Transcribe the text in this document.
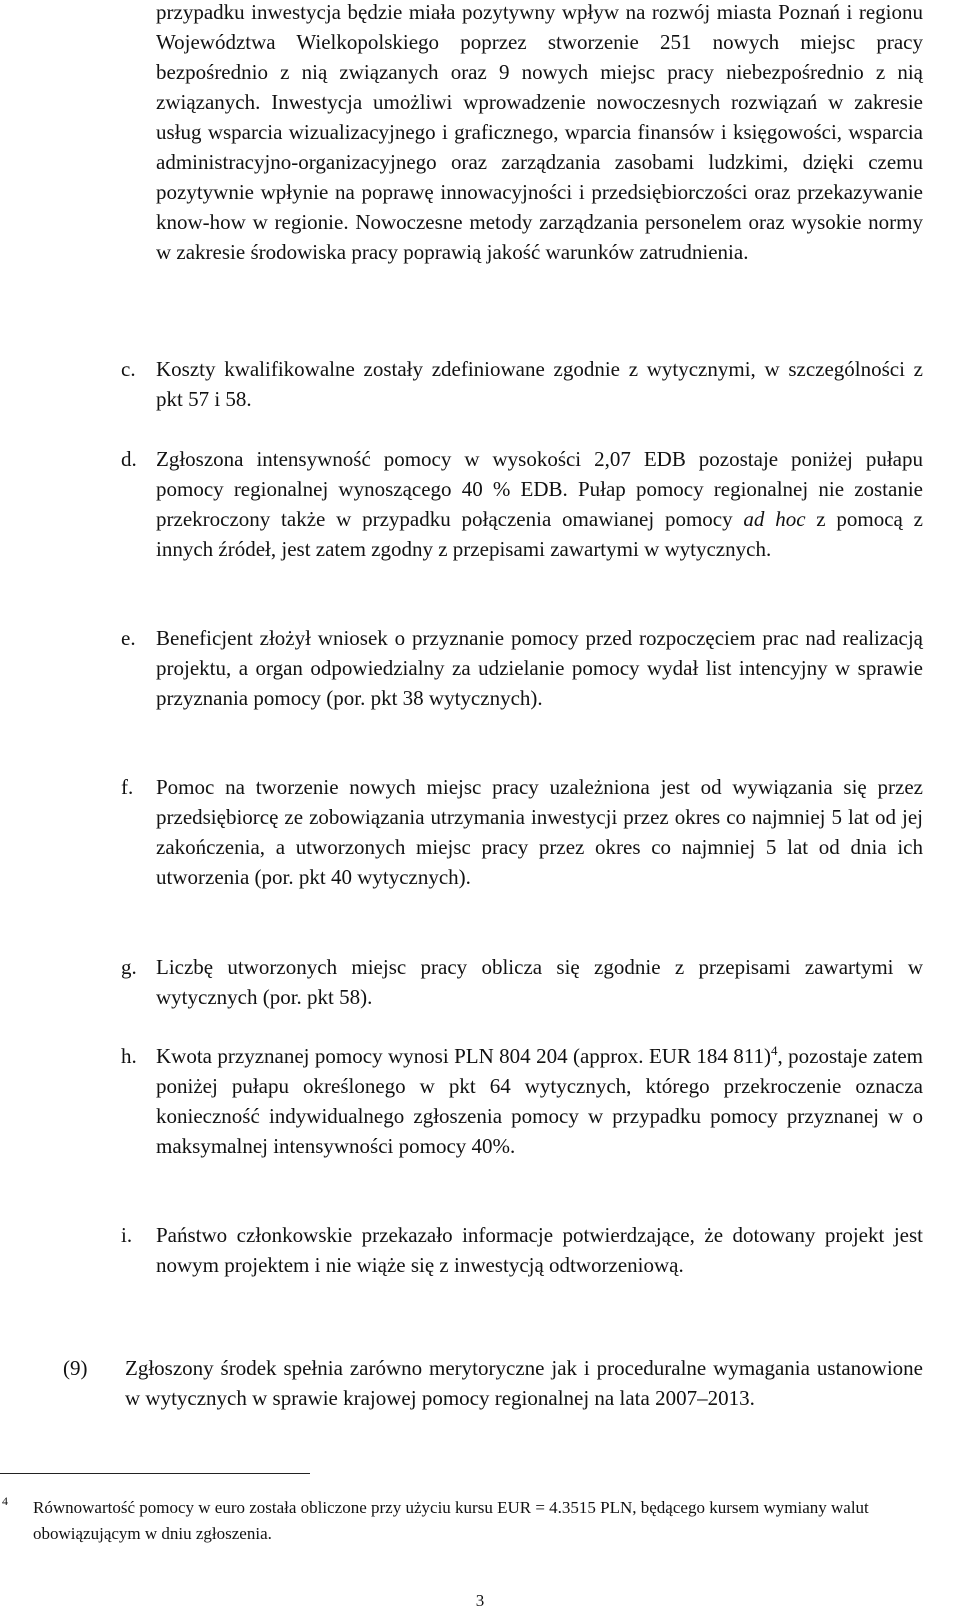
przypadku inwestycja będzie miała pozytywny wpływ na rozwój miasta Poznań i regionu Województwa Wielkopolskiego poprzez stworzenie 251 nowych miejsc pracy bezpośrednio z nią związanych oraz 9 nowych miejsc pracy niebezpośrednio z nią związanych. Inwestycja umożliwi wprowadzenie nowoczesnych rozwiązań w zakresie usług wsparcia wizualizacyjnego i graficznego, wparcia finansów i księgowości, wsparcia administracyjno-organizacyjnego oraz zarządzania zasobami ludzkimi, dzięki czemu pozytywnie wpłynie na poprawę innowacyjności i przedsiębiorczości oraz przekazywanie know-how w regionie. Nowoczesne metody zarządzania personelem oraz wysokie normy w zakresie środowiska pracy poprawią jakość warunków zatrudnienia.

c. Koszty kwalifikowalne zostały zdefiniowane zgodnie z wytycznymi, w szczególności z pkt 57 i 58.
d. Zgłoszona intensywność pomocy w wysokości 2,07 EDB pozostaje poniżej pułapu pomocy regionalnej wynoszącego 40 % EDB. Pułap pomocy regionalnej nie zostanie przekroczony także w przypadku połączenia omawianej pomocy ad hoc z pomocą z innych źródeł, jest zatem zgodny z przepisami zawartymi w wytycznych.
e. Beneficjent złożył wniosek o przyznanie pomocy przed rozpoczęciem prac nad realizacją projektu, a organ odpowiedzialny za udzielanie pomocy wydał list intencyjny w sprawie przyznania pomocy (por. pkt 38 wytycznych).
f. Pomoc na tworzenie nowych miejsc pracy uzależniona jest od wywiązania się przez przedsiębiorcę ze zobowiązania utrzymania inwestycji przez okres co najmniej 5 lat od jej zakończenia, a utworzonych miejsc pracy przez okres co najmniej 5 lat od dnia ich utworzenia (por. pkt 40 wytycznych).
g. Liczbę utworzonych miejsc pracy oblicza się zgodnie z przepisami zawartymi w wytycznych (por. pkt 58).
h. Kwota przyznanej pomocy wynosi PLN 804 204 (approx. EUR 184 811)$^4$, pozostaje zatem poniżej pułapu określonego w pkt 64 wytycznych, którego przekroczenie oznacza konieczność indywidualnego zgłoszenia pomocy w przypadku pomocy przyznanej w o maksymalnej intensywności pomocy 40%.
i. Państwo członkowskie przekazało informacje potwierdzające, że dotowany projekt jest nowym projektem i nie wiąże się z inwestycją odtworzeniową.
(9) Zgłoszony środek spełnia zarówno merytoryczne jak i proceduralne wymagania ustanowione w wytycznych w sprawie krajowej pomocy regionalnej na lata 2007–2013.
4 Równowartość pomocy w euro została obliczone przy użyciu kursu EUR = 4.3515 PLN, będącego kursem wymiany walut obowiązującym w dniu zgłoszenia.
3
